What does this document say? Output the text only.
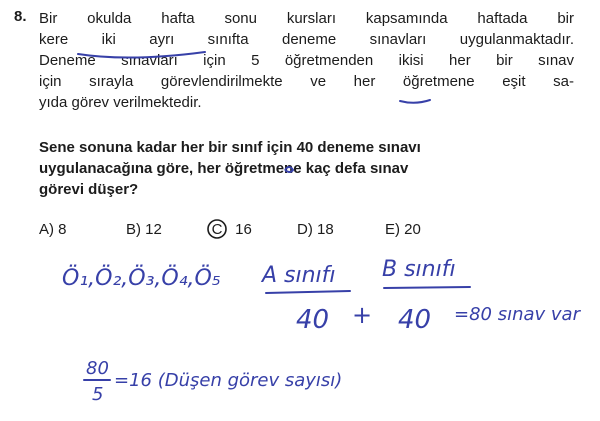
8. Bir okulda hafta sonu kursları kapsamında haftada bir
kere iki ayrı sınıfta deneme sınavları uygulanmaktadır.
Deneme sınavları için 5 öğretmenden ikisi her bir sınav
için sırayla görevlendirilmekte ve her öğretmene eşit sa-
yıda görev verilmektedir.
Sene sonuna kadar her bir sınıf için 40 deneme sınavı
uygulanacağına göre, her öğretmene kaç defa sınav
görevi düşer?
A) 8	B) 12	C 16	D) 18	E) 20
Ö₁,Ö₂,Ö₃,Ö₄,Ö₅ A sınıfı
40 +
B sınıfı
40 =80 sınav var
80
5
=16 (Düşen görev sayısı)
